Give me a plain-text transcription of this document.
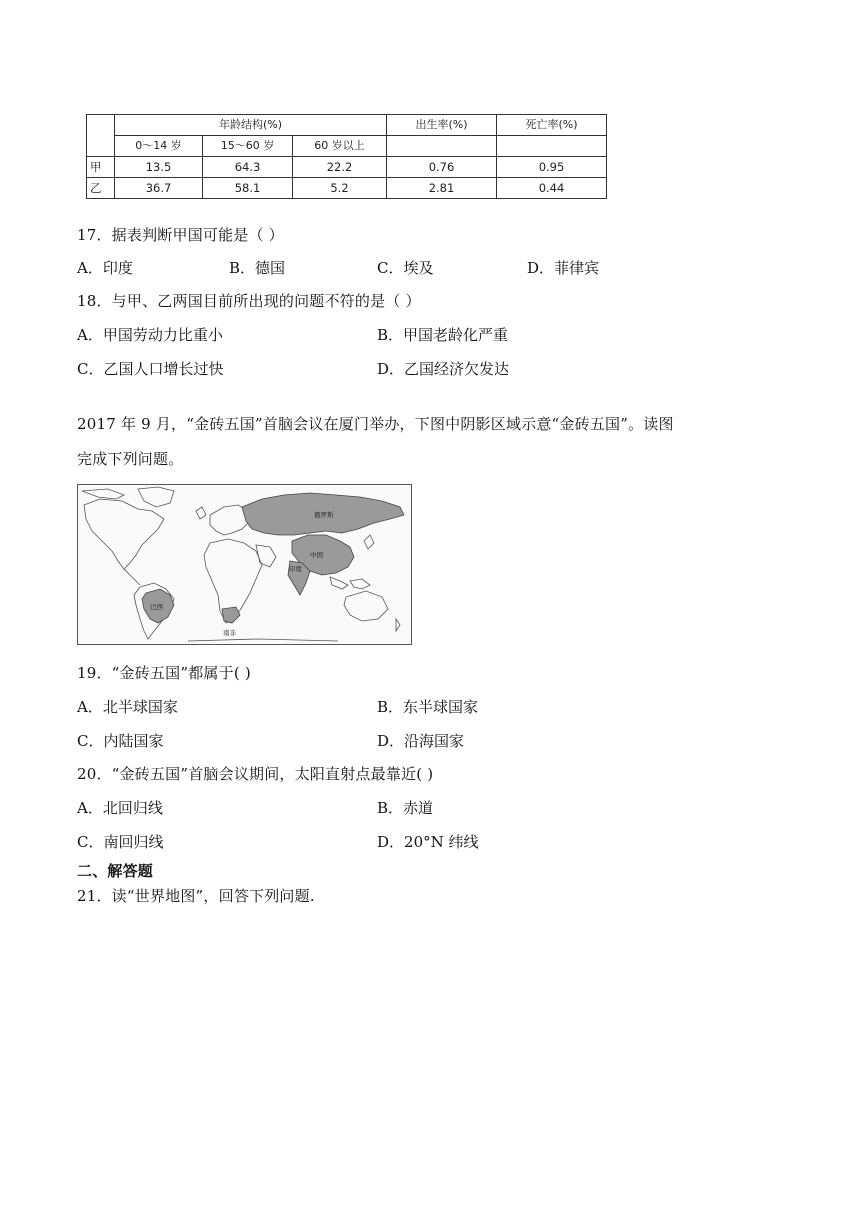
	年龄结构(%)			出生率(%)	死亡率(%)
	0～14 岁	15～60 岁	60 岁以上		
甲	13.5	64.3	22.2	0.76	0.95
乙	36.7	58.1	5.2	2.81	0.44
17．据表判断甲国可能是（ ）
A．印度	B．德国	C．埃及	D．菲律宾
18．与甲、乙两国目前所出现的问题不符的是（ ）
A．甲国劳动力比重小	B．甲国老龄化严重
C．乙国人口增长过快	D．乙国经济欠发达
2017 年 9 月，“金砖五国”首脑会议在厦门举办，下图中阴影区域示意“金砖五国”。读图
完成下列问题。
俄罗斯
中国
印度
巴西
南非
19．“金砖五国”都属于( )
A．北半球国家	B．东半球国家
C．内陆国家	D．沿海国家
20．“金砖五国”首脑会议期间，太阳直射点最靠近( )
A．北回归线	B．赤道
C．南回归线	D．20°N 纬线
二、解答题
21．读“世界地图”，回答下列问题.
